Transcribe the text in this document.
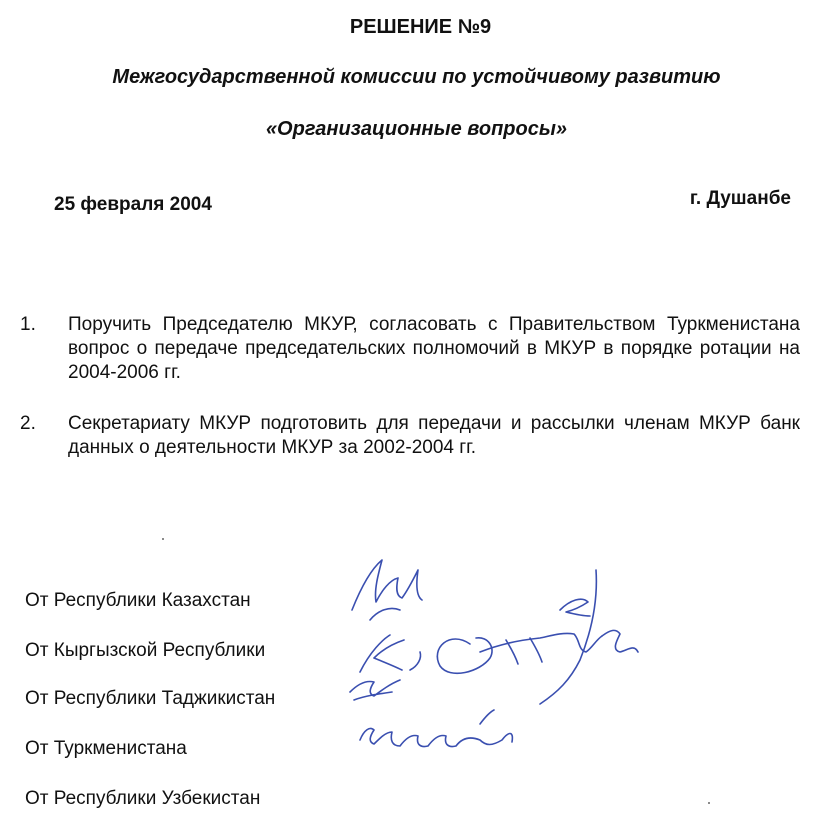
РЕШЕНИЕ №9
Межгосударственной комиссии по устойчивому развитию
«Организационные вопросы»
25 февраля 2004	г. Душанбе
1. Поручить Председателю МКУР, согласовать с Правительством Туркменистана вопрос о передаче председательских полномочий в МКУР в порядке ротации на 2004-2006 гг.
2. Секретариату МКУР подготовить для передачи и рассылки членам МКУР банк данных о деятельности МКУР за 2002-2004 гг.
От Республики Казахстан
От Кыргызской Республики
От Республики Таджикистан
От Туркменистана
От Республики Узбекистан
